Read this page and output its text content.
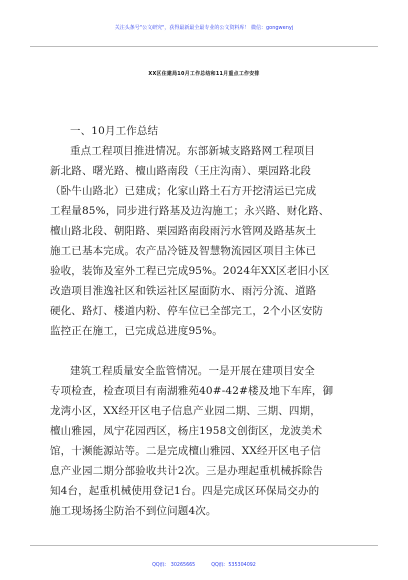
关注头条号"公文研究"，获得最新最全最专业的公文资料库！ 微信：gongwenyj
XX区住建局10月工作总结和11月重点工作安排
一、10月工作总结
重点工程项目推进情况。东部新城支路路网工程项目
新北路、曙光路、檀山路南段（王庄沟南）、栗园路北段
（卧牛山路北）已建成；化家山路土石方开挖清运已完成
工程量85%，同步进行路基及边沟施工；永兴路、财化路、
檀山路北段、朝阳路、栗园路南段雨污水管网及路基灰土
施工已基本完成。农产品冷链及智慧物流园区项目主体已
验收，装饰及室外工程已完成95%。2024年XX区老旧小区
改造项目淮逸社区和铁运社区屋面防水、雨污分流、道路
硬化、路灯、楼道内粉、停车位已全部完工，2个小区安防
监控正在施工，已完成总进度95%。
建筑工程质量安全监管情况。一是开展在建项目安全
专项检查，检查项目有南湖雅苑40#-42#楼及地下车库，御
龙湾小区，XX经开区电子信息产业园二期、三期、四期，
檀山雅园，凤宁花园西区，杨庄1958文创街区，龙波美术
馆，十濒能源站等。二是完成檀山雅园、XX经开区电子信
息产业园二期分部验收共计2次。三是办理起重机械拆除告
知4台，起重机械使用登记1台。四是完成区环保局交办的
施工现场扬尘防治不到位问题4次。
QQ群： 30265665	QQ群：535304092
